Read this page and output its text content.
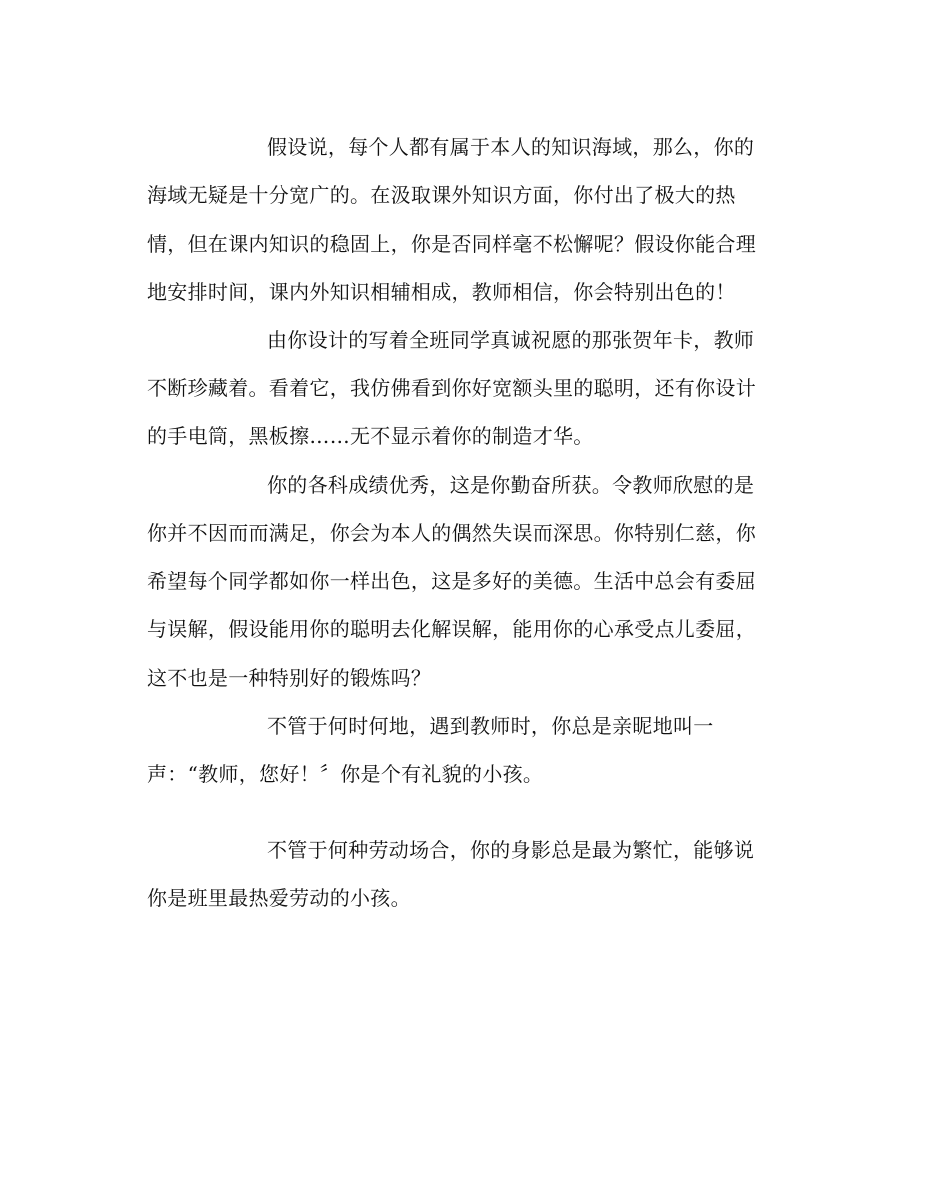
假设说，每个人都有属于本人的知识海域，那么，你的
海域无疑是十分宽广的。在汲取课外知识方面，你付出了极大的热
情，但在课内知识的稳固上，你是否同样毫不松懈呢？假设你能合理
地安排时间，课内外知识相辅相成，教师相信，你会特别出色的！
由你设计的写着全班同学真诚祝愿的那张贺年卡，教师
不断珍藏着。看着它，我仿佛看到你好宽额头里的聪明，还有你设计
的手电筒，黑板擦……无不显示着你的制造才华。
你的各科成绩优秀，这是你勤奋所获。令教师欣慰的是
你并不因而而满足，你会为本人的偶然失误而深思。你特别仁慈，你
希望每个同学都如你一样出色，这是多好的美德。生活中总会有委屈
与误解，假设能用你的聪明去化解误解，能用你的心承受点儿委屈，
这不也是一种特别好的锻炼吗？
不管于何时何地，遇到教师时，你总是亲昵地叫一
声：“教师，您好！〞你是个有礼貌的小孩。
不管于何种劳动场合，你的身影总是最为繁忙，能够说
你是班里最热爱劳动的小孩。
